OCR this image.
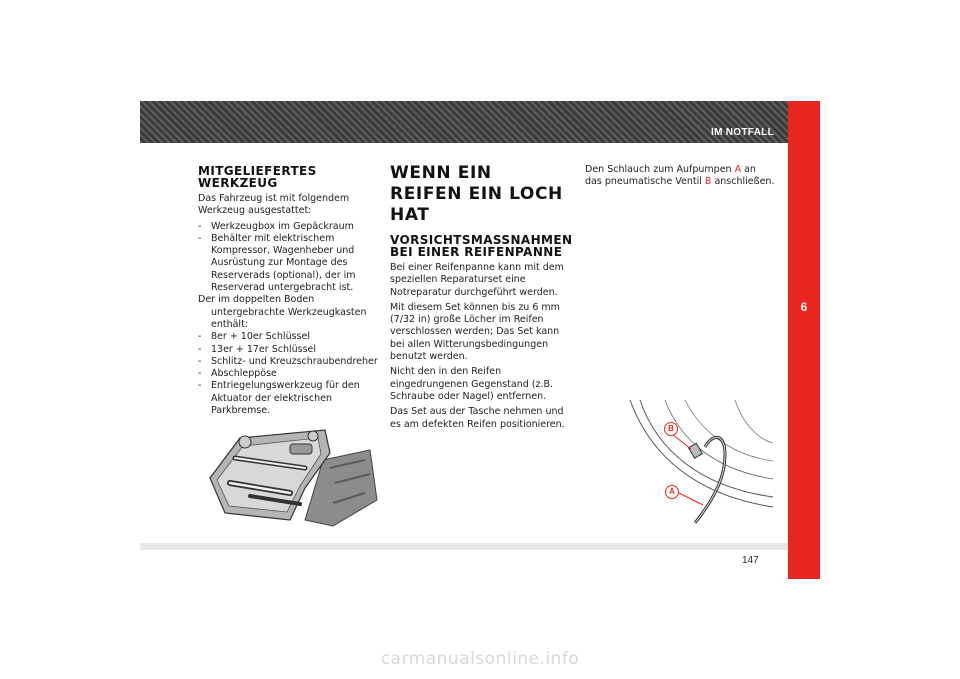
IM NOTFALL
6
MITGELIEFERTES WERKZEUG
Das Fahrzeug ist mit folgendem Werkzeug ausgestattet:
- Werkzeugbox im Gepäckraum
- Behälter mit elektrischem Kompressor, Wagenheber und Ausrüstung zur Montage des Reserverads (optional), der im Reserverad untergebracht ist.
Der im doppelten Boden untergebrachte Werkzeugkasten enthält:
- 8er + 10er Schlüssel
- 13er + 17er Schlüssel
- Schlitz- und Kreuzschraubendreher
- Abschleppöse
- Entriegelungswerkzeug für den Aktuator der elektrischen Parkbremse.
WENN EIN REIFEN EIN LOCH HAT
VORSICHTSMASSNAHMEN BEI EINER REIFENPANNE
Bei einer Reifenpanne kann mit dem speziellen Reparaturset eine Notreparatur durchgeführt werden.
Mit diesem Set können bis zu 6 mm (7/32 in) große Löcher im Reifen verschlossen werden; Das Set kann bei allen Witterungsbedingungen benutzt werden.
Nicht den in den Reifen eingedrungenen Gegenstand (z.B. Schraube oder Nagel) entfernen.
Das Set aus der Tasche nehmen und es am defekten Reifen positionieren.
Den Schlauch zum Aufpumpen A an das pneumatische Ventil B anschließen.
B
A
147
carmanualsonline.info
